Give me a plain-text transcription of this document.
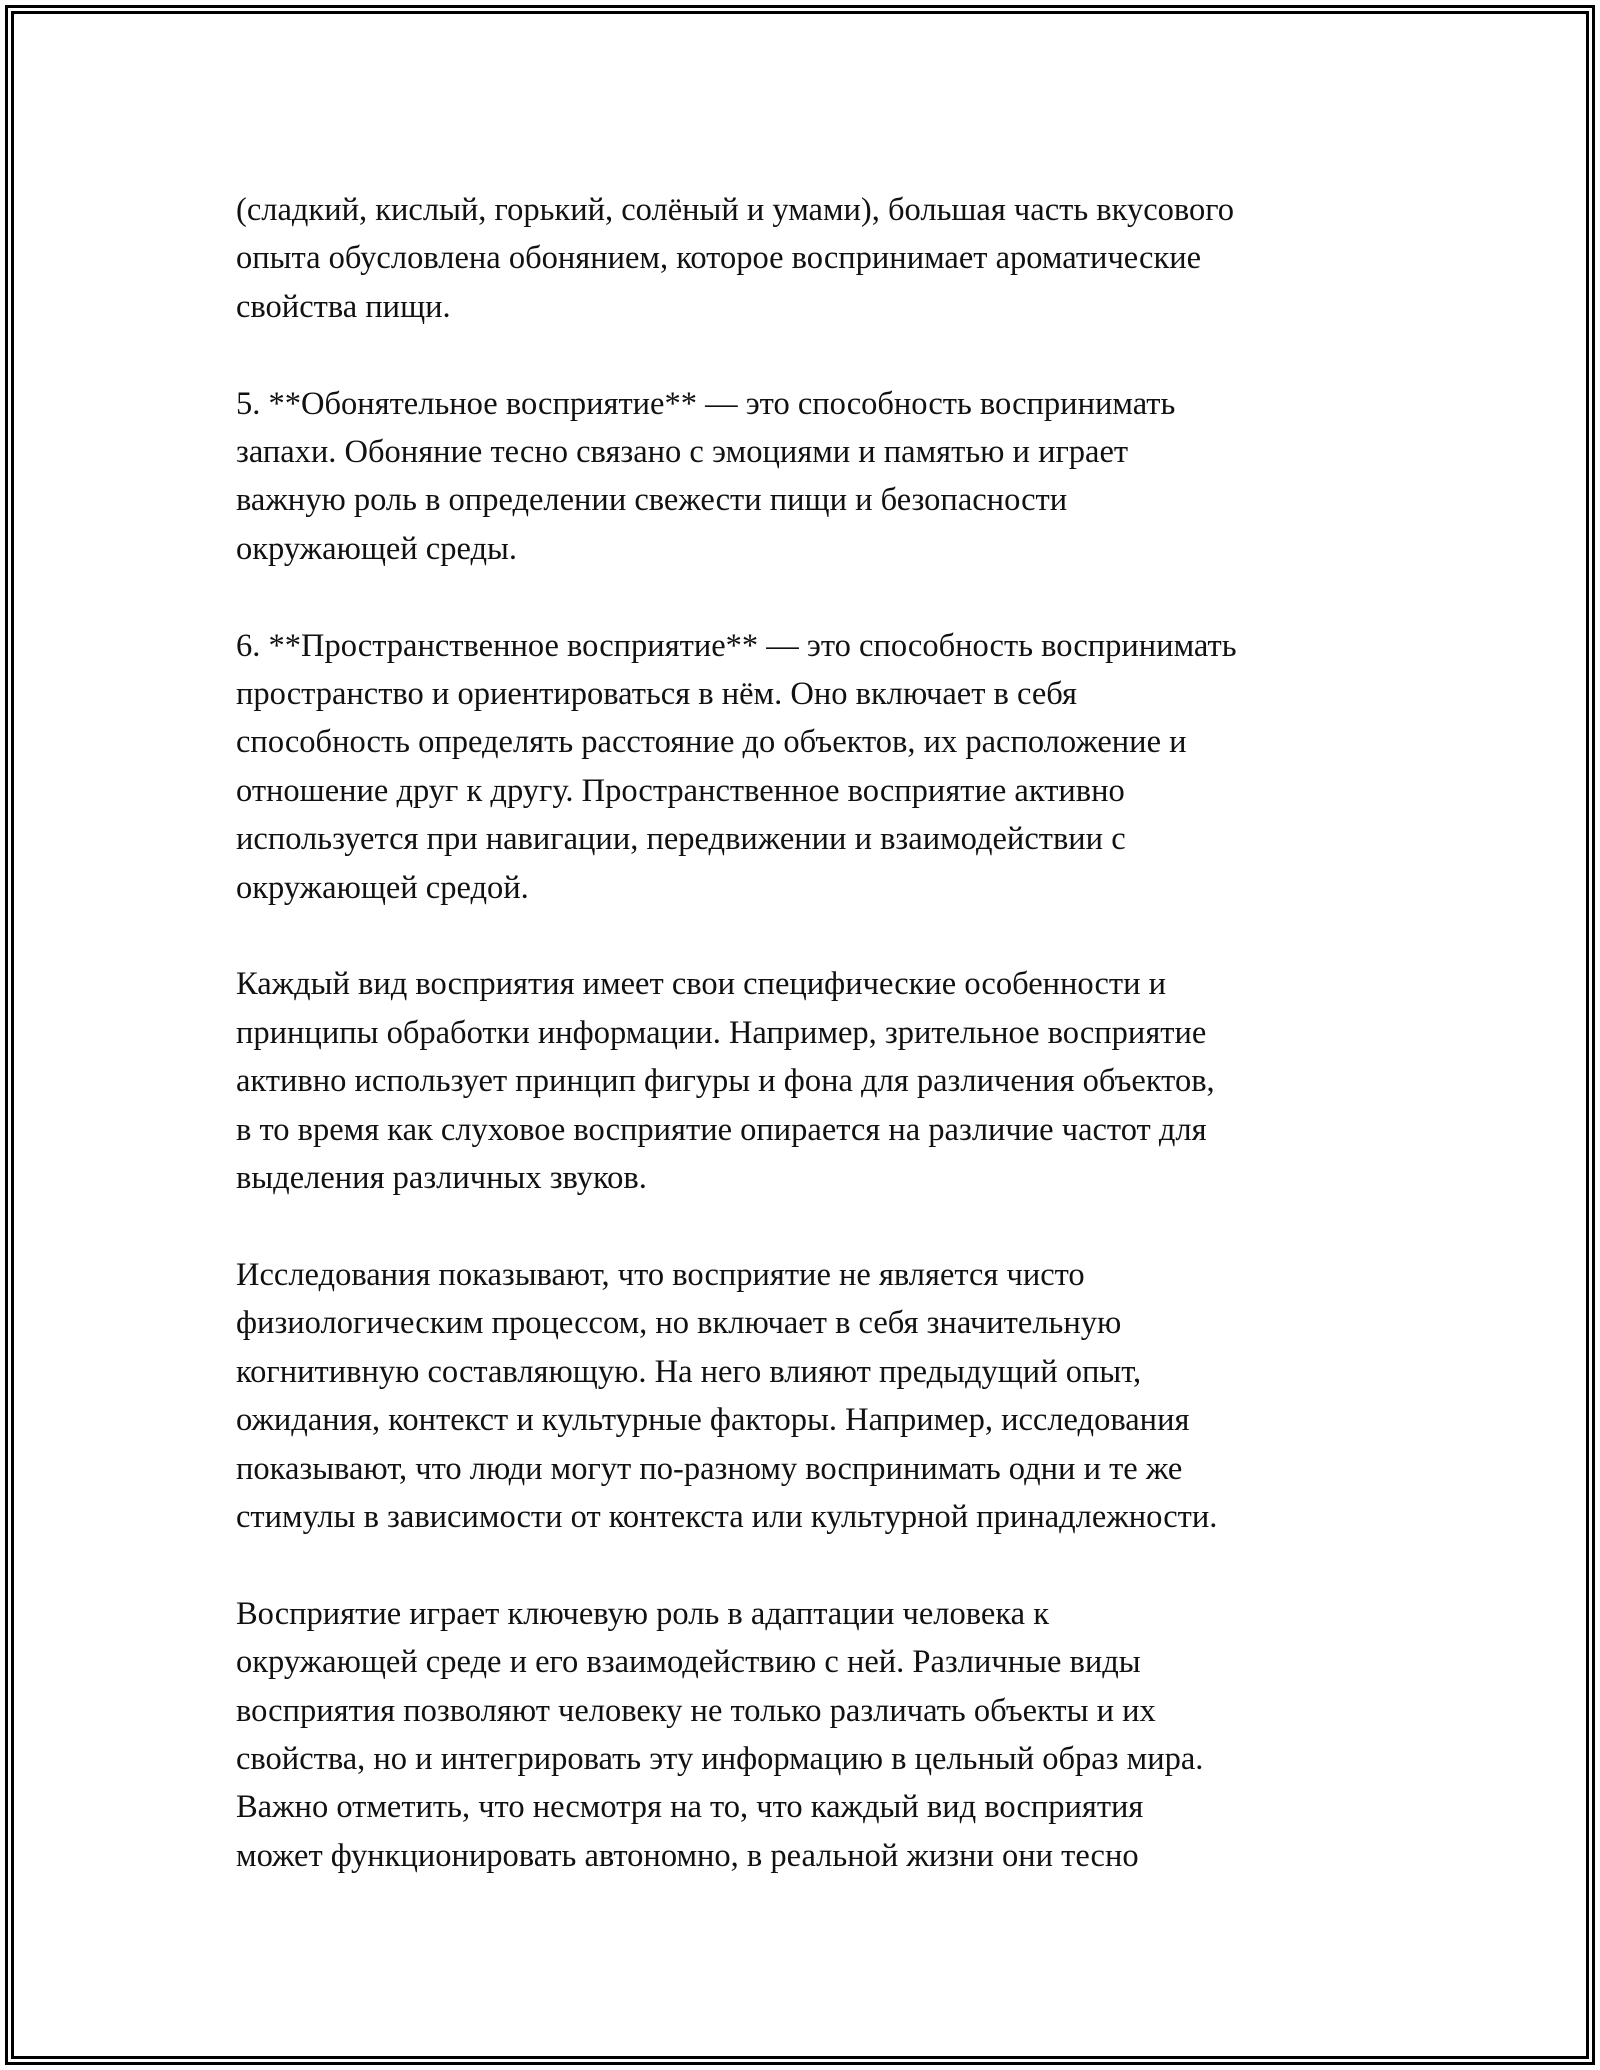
(сладкий, кислый, горький, солёный и умами), большая часть вкусового
опыта обусловлена обонянием, которое воспринимает ароматические
свойства пищи.

5. **Обонятельное восприятие** — это способность воспринимать
запахи. Обоняние тесно связано с эмоциями и памятью и играет
важную роль в определении свежести пищи и безопасности
окружающей среды.

6. **Пространственное восприятие** — это способность воспринимать
пространство и ориентироваться в нём. Оно включает в себя
способность определять расстояние до объектов, их расположение и
отношение друг к другу. Пространственное восприятие активно
используется при навигации, передвижении и взаимодействии с
окружающей средой.

Каждый вид восприятия имеет свои специфические особенности и
принципы обработки информации. Например, зрительное восприятие
активно использует принцип фигуры и фона для различения объектов,
в то время как слуховое восприятие опирается на различие частот для
выделения различных звуков.

Исследования показывают, что восприятие не является чисто
физиологическим процессом, но включает в себя значительную
когнитивную составляющую. На него влияют предыдущий опыт,
ожидания, контекст и культурные факторы. Например, исследования
показывают, что люди могут по-разному воспринимать одни и те же
стимулы в зависимости от контекста или культурной принадлежности.

Восприятие играет ключевую роль в адаптации человека к
окружающей среде и его взаимодействию с ней. Различные виды
восприятия позволяют человеку не только различать объекты и их
свойства, но и интегрировать эту информацию в цельный образ мира.
Важно отметить, что несмотря на то, что каждый вид восприятия
может функционировать автономно, в реальной жизни они тесно
